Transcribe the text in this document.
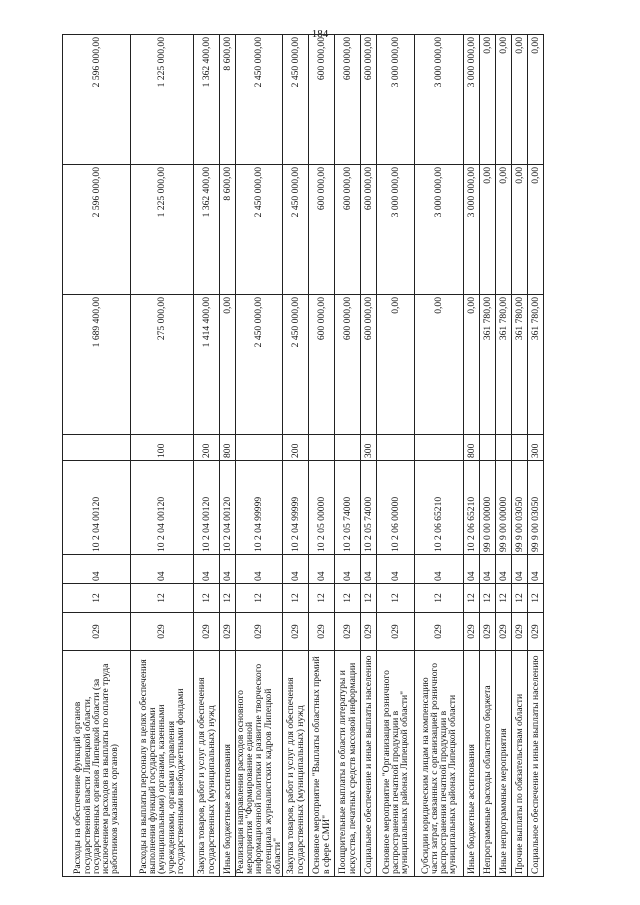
184
Расходы на обеспечение функций органов государственной власти Липецкой области, государственных органов Липецкой области (за исключением расходов на выплаты по оплате труда работников указанных органов)	029	12	04	10 2 04 00120		1 689 400,00	2 596 000,00	2 596 000,00
Расходы на выплаты персоналу в целях обеспечения выполнения функций государственными (муниципальными) органами, казенными учреждениями, органами управления государственными внебюджетными фондами	029	12	04	10 2 04 00120	100	275 000,00	1 225 000,00	1 225 000,00
Закупка товаров, работ и услуг для обеспечения государственных (муниципальных) нужд	029	12	04	10 2 04 00120	200	1 414 400,00	1 362 400,00	1 362 400,00
Иные бюджетные ассигнования	029	12	04	10 2 04 00120	800	0,00	8 600,00	8 600,00
Реализация направления расходов основного мероприятия "Формирование единой информационной политики и развитие творческого потенциала журналистских кадров Липецкой области"	029	12	04	10 2 04 99999		2 450 000,00	2 450 000,00	2 450 000,00
Закупка товаров, работ и услуг для обеспечения государственных (муниципальных) нужд	029	12	04	10 2 04 99999	200	2 450 000,00	2 450 000,00	2 450 000,00
Основное мероприятие "Выплаты областных премий в сфере СМИ"	029	12	04	10 2 05 00000		600 000,00	600 000,00	600 000,00
Поощрительные выплаты в области литературы и искусства, печатных средств массовой информации	029	12	04	10 2 05 74000		600 000,00	600 000,00	600 000,00
Социальное обеспечение и иные выплаты населению	029	12	04	10 2 05 74000	300	600 000,00	600 000,00	600 000,00
Основное мероприятие "Организация розничного распространения печатной продукции в муниципальных районах Липецкой области"	029	12	04	10 2 06 00000		0,00	3 000 000,00	3 000 000,00
Субсидии юридическим лицам на компенсацию части затрат, связанных с организацией розничного распространения печатной продукции в муниципальных районах Липецкой области	029	12	04	10 2 06 65210		0,00	3 000 000,00	3 000 000,00
Иные бюджетные ассигнования	029	12	04	10 2 06 65210	800	0,00	3 000 000,00	3 000 000,00
Непрограммные расходы областного бюджета	029	12	04	99 0 00 00000		361 780,00	0,00	0,00
Иные непрограммные мероприятия	029	12	04	99 9 00 00000		361 780,00	0,00	0,00
Прочие выплаты по обязательствам области	029	12	04	99 9 00 03050		361 780,00	0,00	0,00
Социальное обеспечение и иные выплаты населению	029	12	04	99 9 00 03050	300	361 780,00	0,00	0,00
